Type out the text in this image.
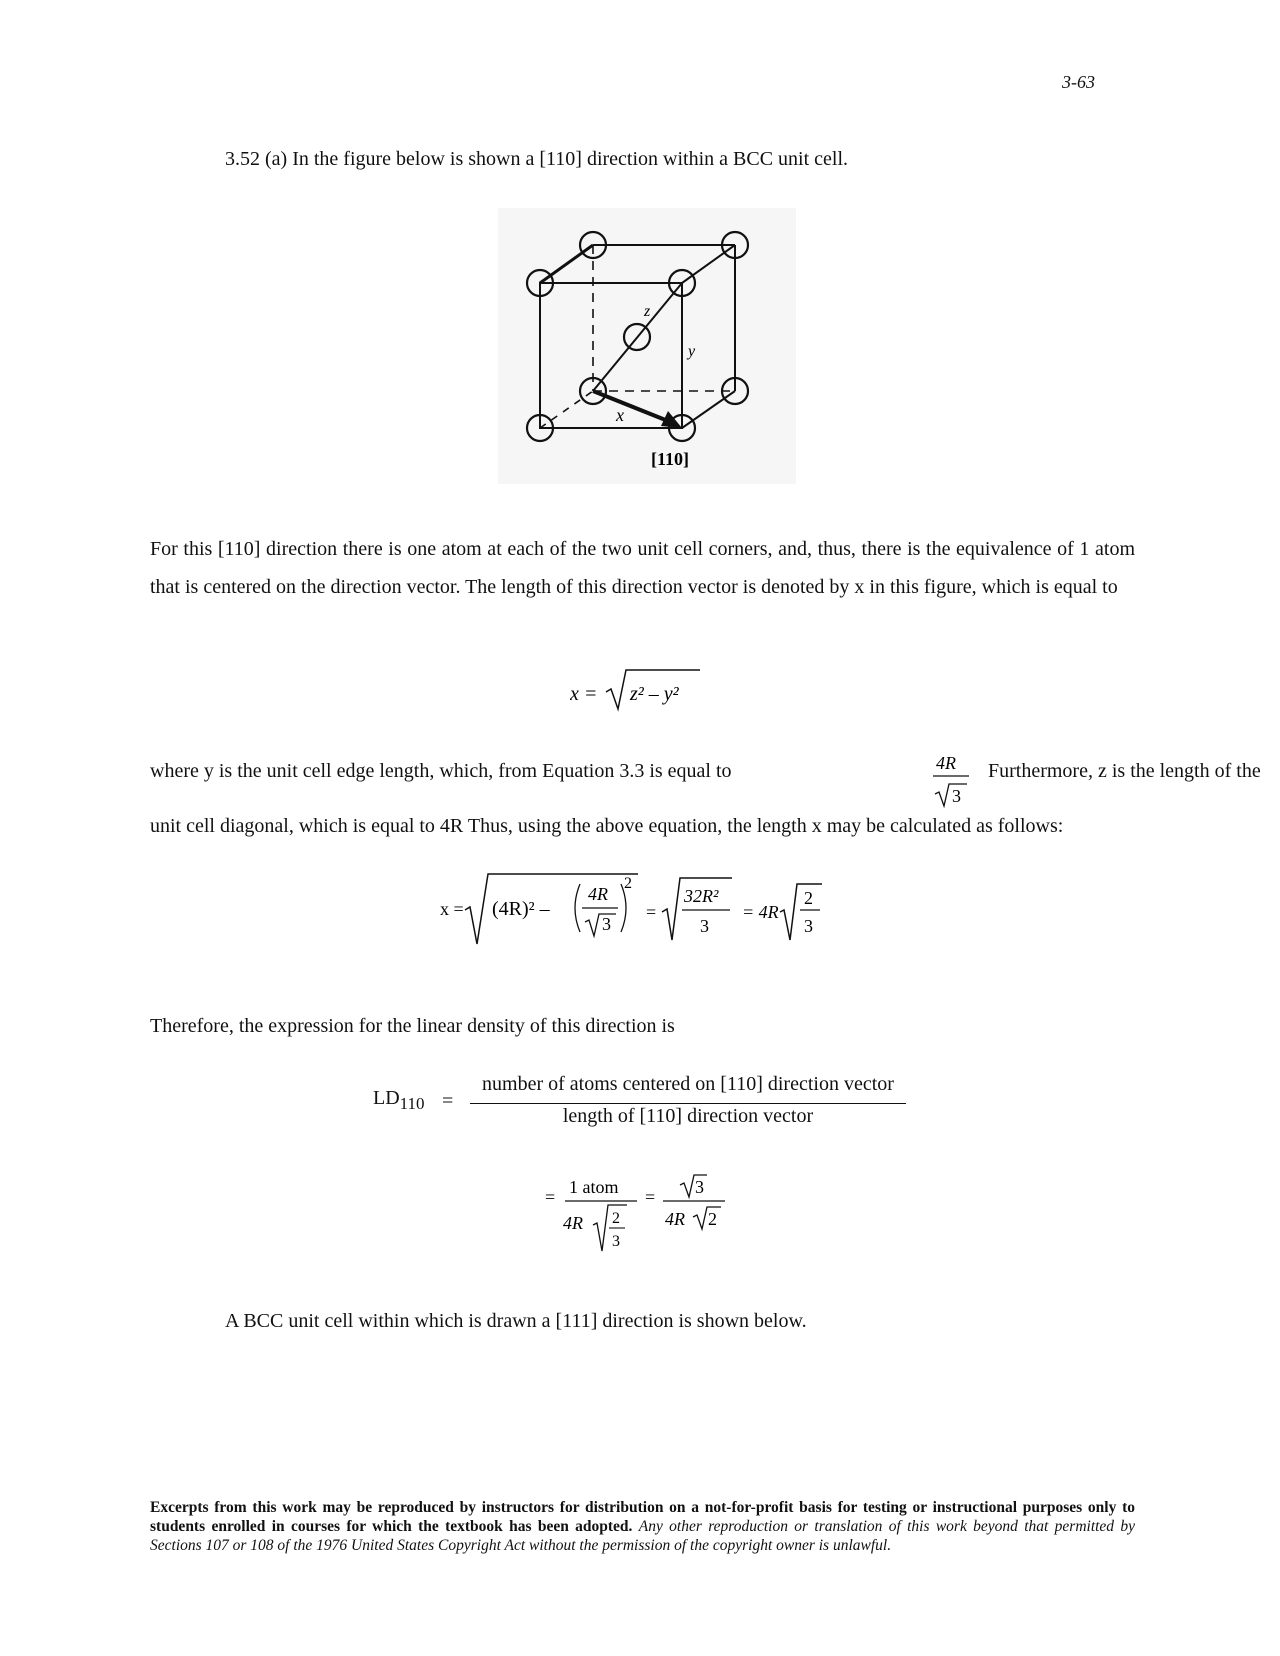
3-63
3.52 (a) In the figure below is shown a [110] direction within a BCC unit cell.
z
y
x
[110]
For this [110] direction there is one atom at each of the two unit cell corners, and, thus, there is the equivalence of 1 atom that is centered on the direction vector. The length of this direction vector is denoted by x in this figure, which is equal to
x = z² – y²
where y is the unit cell edge length, which, from Equation 3.3 is equal to	4R
3
Furthermore, z is the length of the
unit cell diagonal, which is equal to 4R Thus, using the above equation, the length x may be calculated as follows:
x = (4R)² –
4R
3
2
=
32R²
3
= 4R
2
3
Therefore, the expression for the linear density of this direction is
$LD_{110}$ =
number of atoms centered on [110] direction vector
length of [110] direction vector
= 1 atom
4R 2
3
= 3
4R 2
A BCC unit cell within which is drawn a [111] direction is shown below.
Excerpts from this work may be reproduced by instructors for distribution on a not-for-profit basis for testing or instructional purposes only to students enrolled in courses for which the textbook has been adopted. Any other reproduction or translation of this work beyond that permitted by Sections 107 or 108 of the 1976 United States Copyright Act without the permission of the copyright owner is unlawful.
